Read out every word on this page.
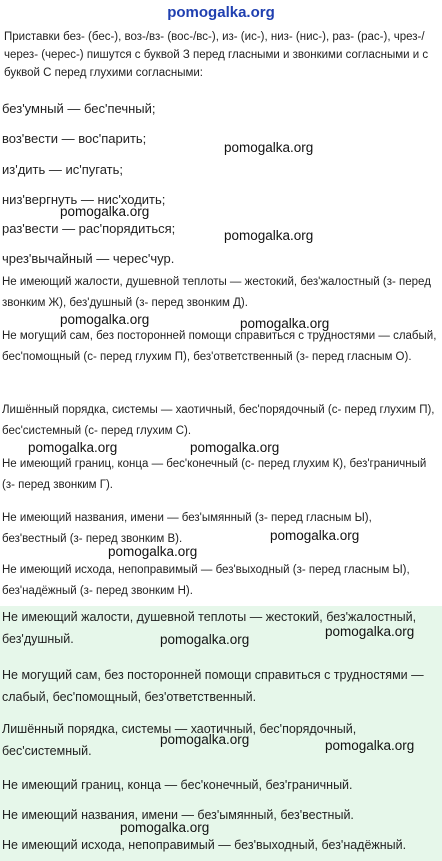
pomogalka.org
Приставки без- (бес-), воз-/вз- (вос-/вс-), из- (ис-), низ- (нис-), раз- (рас-), чрез-/через- (черес-) пишутся с буквой З перед гласными и звонкими согласными и с буквой С перед глухими согласными:
без'умный — бес'печный;
воз'вести — вос'парить;
из'дить — ис'пугать;
низ'вергнуть — нис'ходить;
раз'вести — рас'порядиться;
чрез'вычайный — черес'чур.
Не имеющий жалости, душевной теплоты — жестокий, без'жалостный (з- перед звонким Ж), без'душный (з- перед звонким Д).
Не могущий сам, без посторонней помощи справиться с трудностями — слабый, бес'помощный (с- перед глухим П), без'ответственный (з- перед гласным О).
Лишённый порядка, системы — хаотичный, бес'порядочный (с- перед глухим П), бес'системный (с- перед глухим С).
Не имеющий границ, конца — бес'конечный (с- перед глухим К), без'граничный (з- перед звонким Г).
Не имеющий названия, имени — без'ымянный (з- перед гласным Ы), без'вестный (з- перед звонким В).
Не имеющий исхода, непоправимый — без'выходный (з- перед гласным Ы), без'надёжный (з- перед звонким Н).
Не имеющий жалости, душевной теплоты — жестокий, без'жалостный, без'душный.
Не могущий сам, без посторонней помощи справиться с трудностями — слабый, бес'помощный, без'ответственный.
Лишённый порядка, системы — хаотичный, бес'порядочный, бес'системный.
Не имеющий границ, конца — бес'конечный, без'граничный.
Не имеющий названия, имени — без'ымянный, без'вестный.
Не имеющий исхода, непоправимый — без'выходный, без'надёжный.
pomogalka.org
pomogalka.org
pomogalka.org
pomogalka.org	pomogalka.org
pomogalka.org	pomogalka.org
pomogalka.org
pomogalka.org
pomogalka.org
pomogalka.org
pomogalka.org	pomogalka.org
pomogalka.org
